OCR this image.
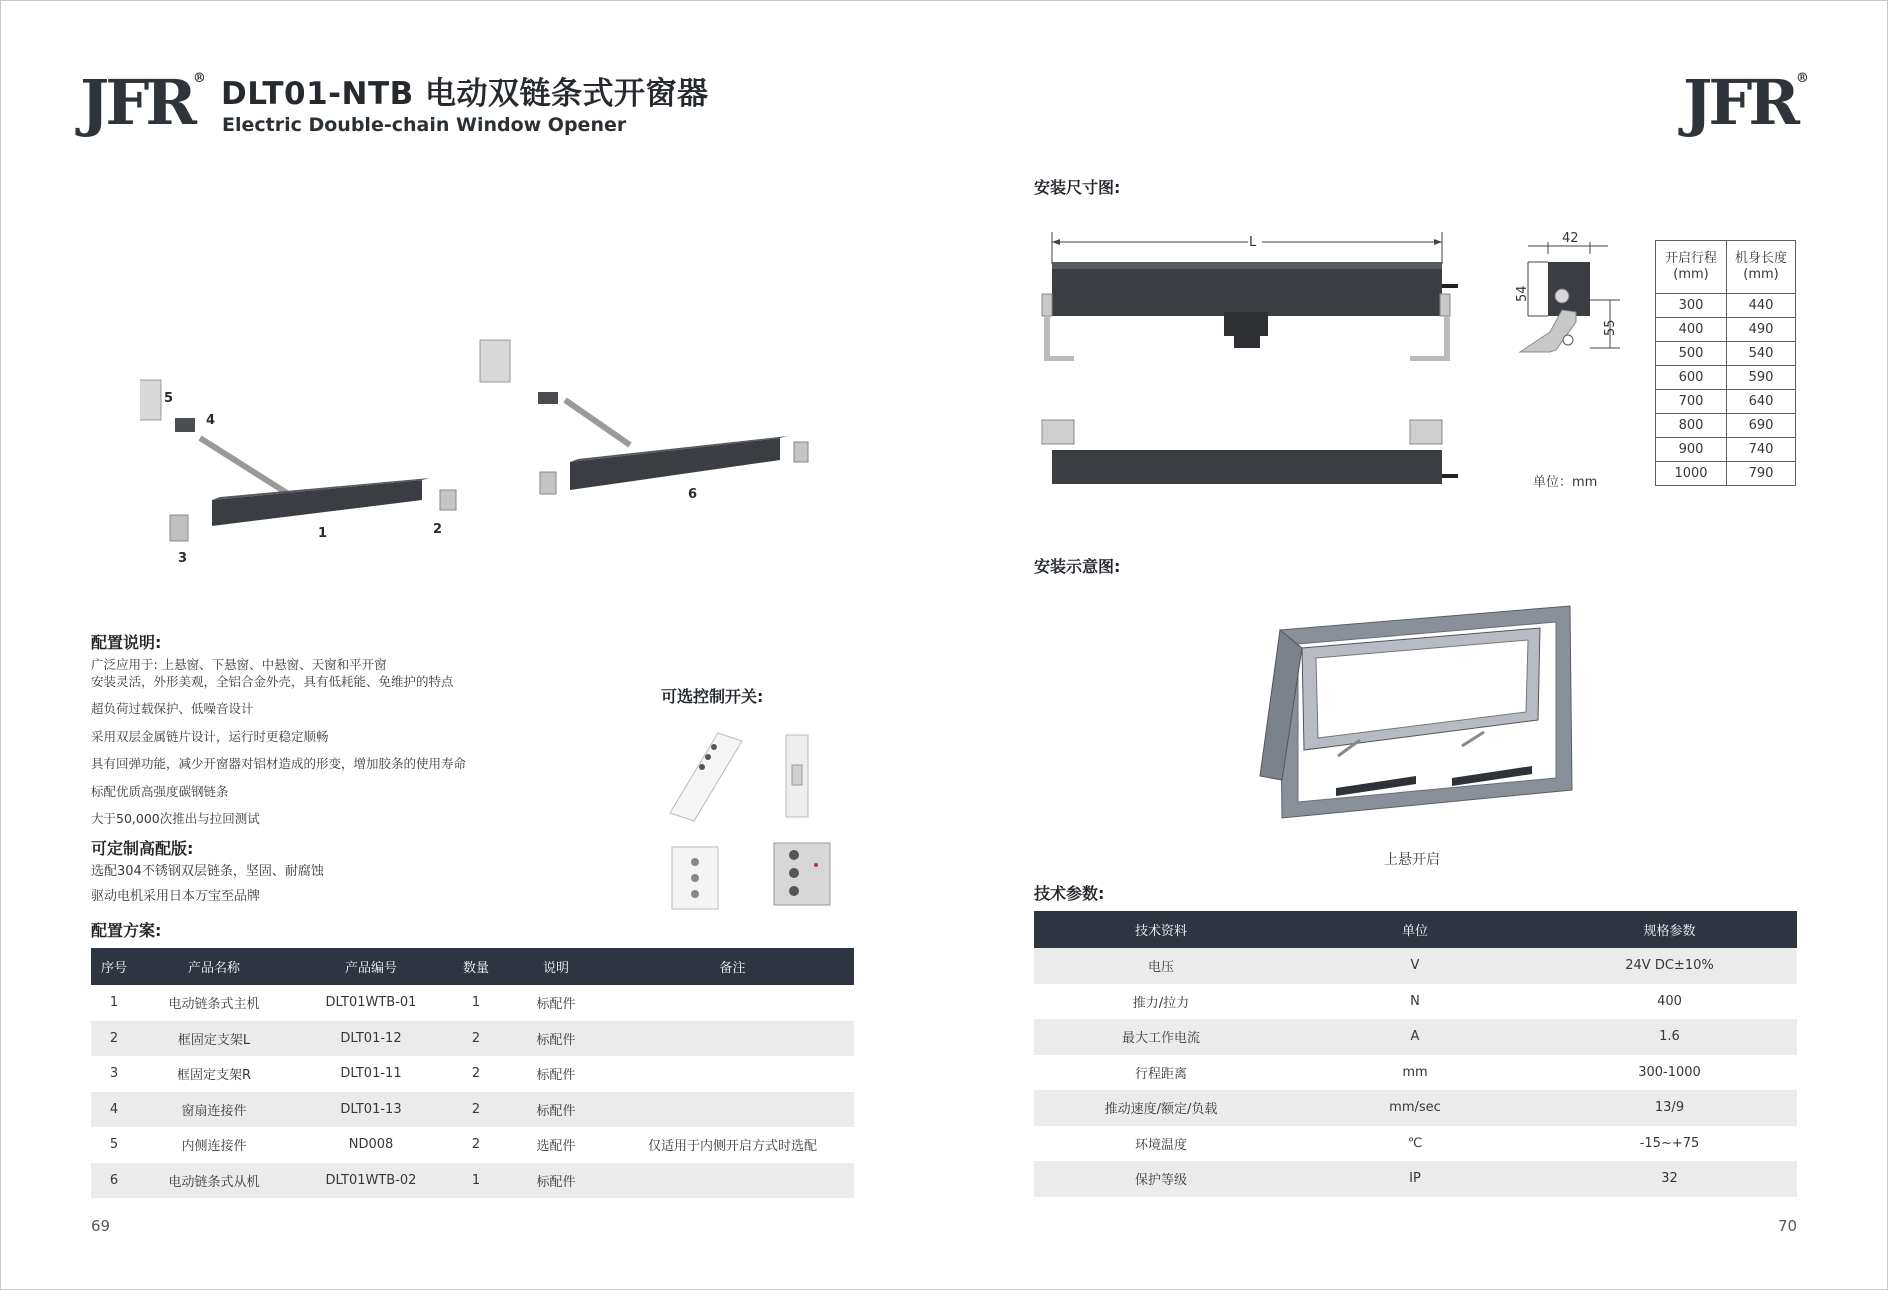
JFR® DLT01-NTB 电动双链条式开窗器
Electric Double-chain Window Opener	JFR®
1	2
3
4
5
6
配置说明:
广泛应用于: 上悬窗、下悬窗、中悬窗、天窗和平开窗
安装灵活，外形美观，全铝合金外壳，具有低耗能、免维护的特点
超负荷过载保护、低噪音设计
采用双层金属链片设计，运行时更稳定顺畅
具有回弹功能，减少开窗器对铝材造成的形变，增加胶条的使用寿命
标配优质高强度碳钢链条
大于50,000次推出与拉回测试
可定制高配版:
选配304不锈钢双层链条，坚固、耐腐蚀
驱动电机采用日本万宝至品牌
可选控制开关:
配置方案:
序号	产品名称	产品编号	数量	说明	备注
1	电动链条式主机	DLT01WTB-01	1	标配件	
2	框固定支架L	DLT01-12	2	标配件	
3	框固定支架R	DLT01-11	2	标配件	
4	窗扇连接件	DLT01-13	2	标配件	
5	内侧连接件	ND008	2	选配件	仅适用于内侧开启方式时选配
6	电动链条式从机	DLT01WTB-02	1	标配件	
69
安装尺寸图:
L	42
54
55
单位：mm
开启行程
(mm)	机身长度
(mm)
300	440
400	490
500	540
600	590
700	640
800	690
900	740
1000	790
安装示意图:
上悬开启
技术参数:
技术资料	单位	规格参数
电压	V	24V DC±10%
推力/拉力	N	400
最大工作电流	A	1.6
行程距离	mm	300-1000
推动速度/额定/负载	mm/sec	13/9
环境温度	℃	-15~+75
保护等级	IP	32
70
